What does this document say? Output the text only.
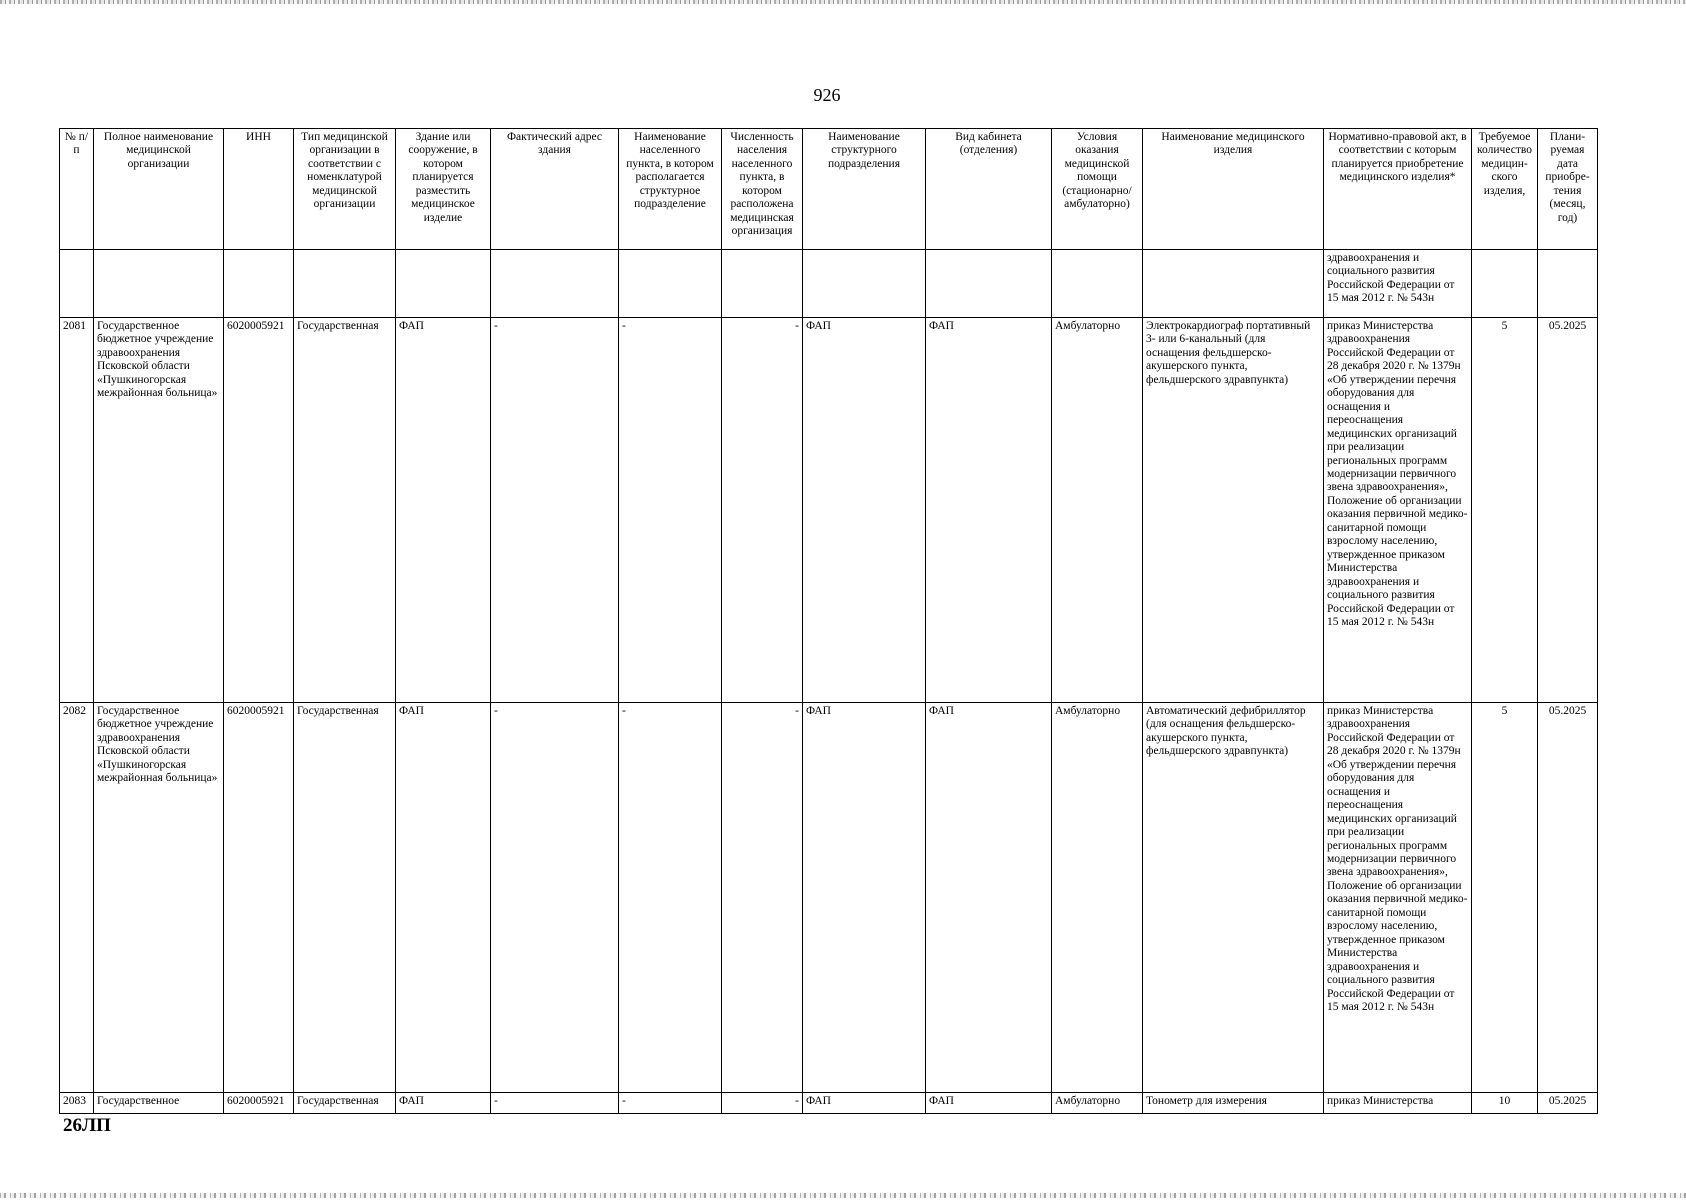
926
№ п/п	Полное наименование медицинской организации	ИНН	Тип медицинской организации в соответствии с номенклатурой медицинской организации	Здание или сооружение, в котором планируется разместить медицинское изделие	Фактический адрес здания	Наименование населенного пункта, в котором располагается структурное подразделение	Численность населения населенного пункта, в котором расположена медицинская организация	Наименование структурного подразделения	Вид кабинета (отделения)	Условия оказания медицинской помощи (стационарно/ амбулаторно)	Наименование медицинского изделия	Нормативно-правовой акт, в соответствии с которым планируется приобретение медицинского изделия*	Требуемое количество медицин-ского изделия,	Плани-руемая дата приобре-тения (месяц, год)
												здравоохранения и социального развития Российской Федерации от 15 мая 2012 г. № 543н		
2081	Государственное бюджетное учреждение здравоохранения Псковской области «Пушкиногорская межрайонная больница»	6020005921	Государственная	ФАП	-	-	-	ФАП	ФАП	Амбулаторно	Электрокардиограф портативный 3- или 6-канальный (для оснащения фельдшерско-акушерского пункта, фельдшерского здравпункта)	приказ Министерства здравоохранения Российской Федерации от 28 декабря 2020 г. № 1379н «Об утверждении перечня оборудования для оснащения и переоснащения медицинских организаций при реализации региональных программ модернизации первичного звена здравоохранения», Положение об организации оказания первичной медико-санитарной помощи взрослому населению, утвержденное приказом Министерства здравоохранения и социального развития Российской Федерации от 15 мая 2012 г. № 543н	5	05.2025
2082	Государственное бюджетное учреждение здравоохранения Псковской области «Пушкиногорская межрайонная больница»	6020005921	Государственная	ФАП	-	-	-	ФАП	ФАП	Амбулаторно	Автоматический дефибриллятор (для оснащения фельдшерско-акушерского пункта, фельдшерского здравпункта)	приказ Министерства здравоохранения Российской Федерации от 28 декабря 2020 г. № 1379н «Об утверждении перечня оборудования для оснащения и переоснащения медицинских организаций при реализации региональных программ модернизации первичного звена здравоохранения», Положение об организации оказания первичной медико-санитарной помощи взрослому населению, утвержденное приказом Министерства здравоохранения и социального развития Российской Федерации от 15 мая 2012 г. № 543н	5	05.2025
2083	Государственное	6020005921	Государственная	ФАП	-	-	-	ФАП	ФАП	Амбулаторно	Тонометр для измерения	приказ Министерства	10	05.2025
26ЛП
